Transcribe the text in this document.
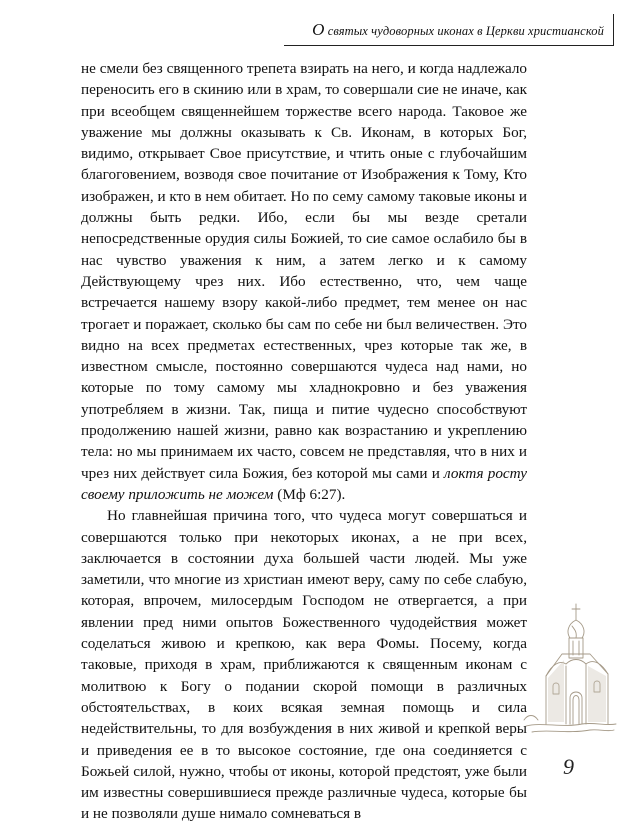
О святых чудоворных иконах в Церкви христианской

не смели без священного трепета взирать на него, и когда надлежало переносить его в скинию или в храм, то совершали сие не иначе, как при всеобщем священнейшем торжестве всего народа. Таковое же уважение мы должны оказывать к Св. Иконам, в которых Бог, видимо, открывает Свое присутствие, и чтить оные с глубочайшим благоговением, возводя свое почитание от Изображения к Тому, Кто изображен, и кто в нем обитает. Но по сему самому таковые иконы и должны быть редки. Ибо, если бы мы везде сретали непосредственные орудия силы Божией, то сие самое ослабило бы в нас чувство уважения к ним, а затем легко и к самому Действующему чрез них. Ибо естественно, что, чем чаще встречается нашему взору какой-либо предмет, тем менее он нас трогает и поражает, сколько бы сам по себе ни был величествен. Это видно на всех предметах естественных, чрез которые так же, в известном смысле, постоянно совершаются чудеса над нами, но которые по тому самому мы хладнокровно и без уважения употребляем в жизни. Так, пища и питие чудесно способствуют продолжению нашей жизни, равно как возрастанию и укреплению тела: но мы принимаем их часто, совсем не представляя, что в них и чрез них действует сила Божия, без которой мы сами и локтя росту своему приложить не можем (Мф 6:27).

Но главнейшая причина того, что чудеса могут совершаться и совершаются только при некоторых иконах, а не при всех, заключается в состоянии духа большей части людей. Мы уже заметили, что многие из христиан имеют веру, саму по себе слабую, которая, впрочем, милосердым Господом не отвергается, а при явлении пред ними опытов Божественного чудодействия может соделаться живою и крепкою, как вера Фомы. Посему, когда таковые, приходя в храм, приближаются к священным иконам с молитвою к Богу о подании скорой помощи в различных обстоятельствах, в коих всякая земная помощь и сила недействительны, то для возбуждения в них живой и крепкой веры и приведения ее в то высокое состояние, где она соединяется с Божьей силой, нужно, чтобы от иконы, которой предстоят, уже были им известны совершившиеся прежде различные чудеса, которые бы и не позволяли душе нимало сомневаться в

9
